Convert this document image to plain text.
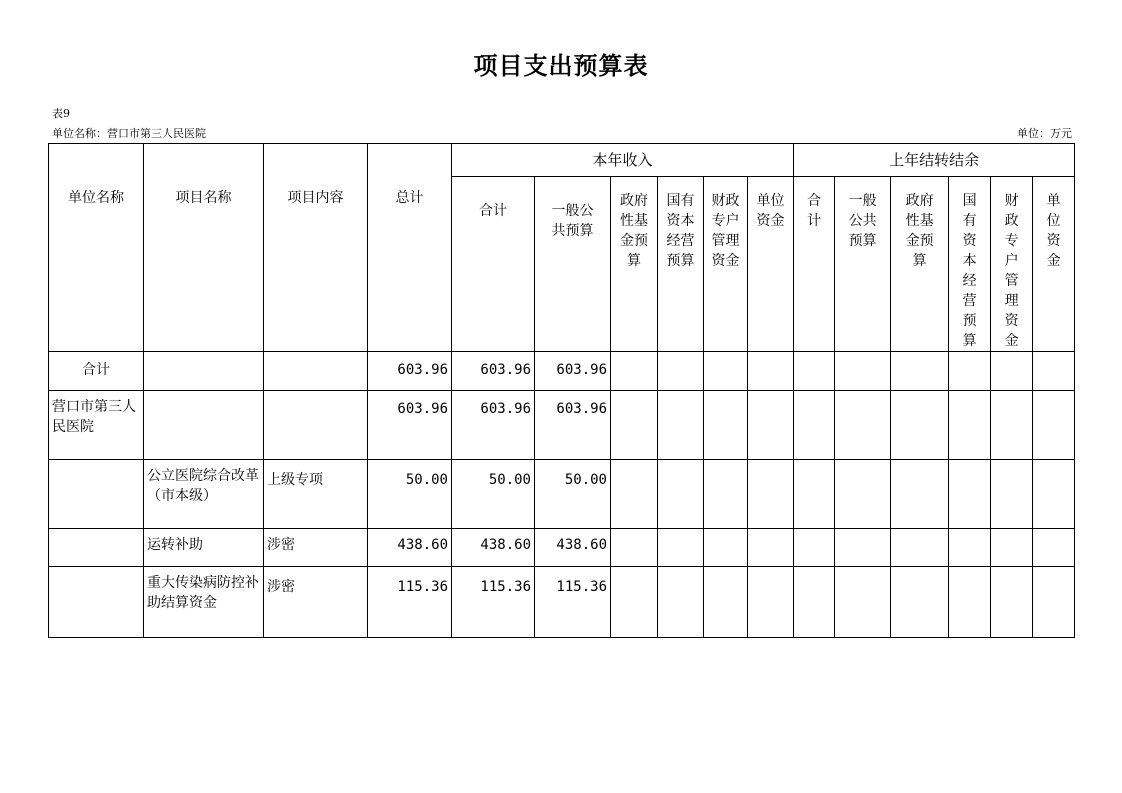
项目支出预算表
表9
单位名称：营口市第三人民医院	单位：万元
单位名称	项目名称	项目内容	总计	本年收入						上年结转结余					
				合计	一般公共预算	政府性基金预算	国有资本经营预算	财政专户管理资金	单位资金	合计	一般公共预算	政府性基金预算	国有资本经营预算	财政专户管理资金	单位资金
合计			603.96	603.96	603.96										
营口市第三人民医院			603.96	603.96	603.96										
	公立医院综合改革（市本级）	上级专项	50.00	50.00	50.00										
	运转补助	涉密	438.60	438.60	438.60										
	重大传染病防控补助结算资金	涉密	115.36	115.36	115.36										
